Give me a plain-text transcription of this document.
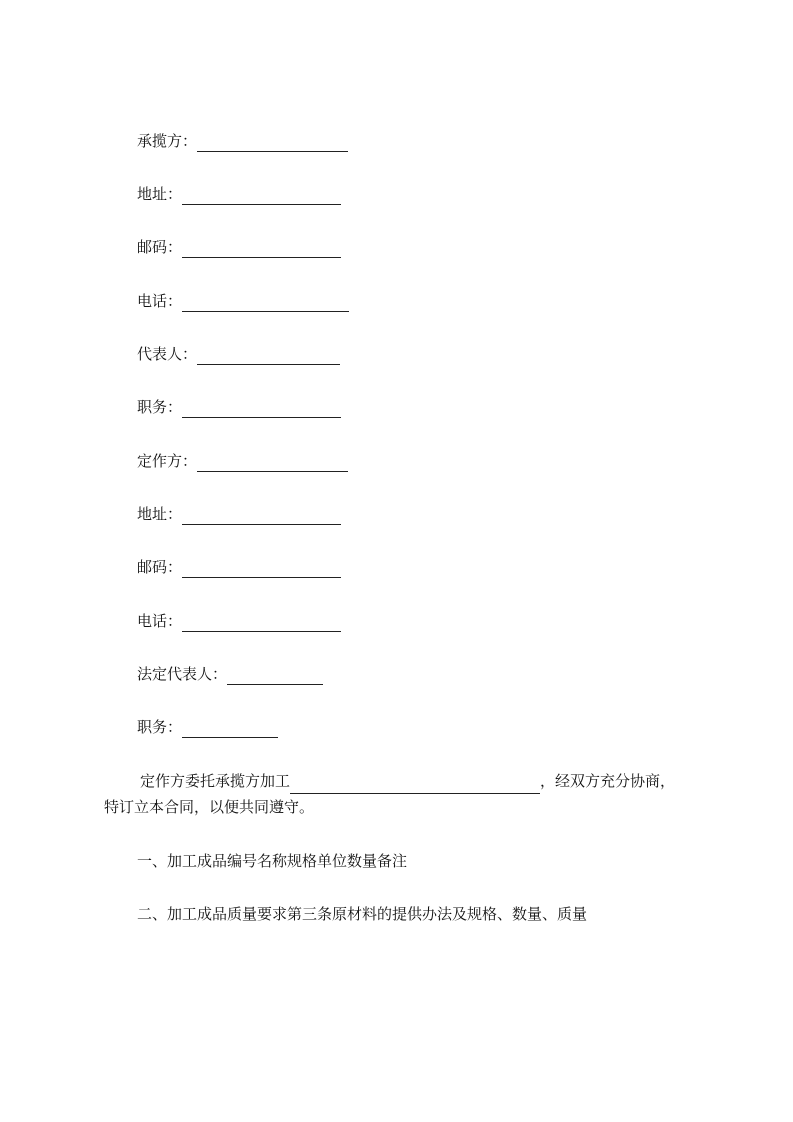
承揽方：
地址：
邮码：
电话：
代表人：
职务：
定作方：
地址：
邮码：
电话：
法定代表人：
职务：
定作方委托承揽方加工	，经双方充分协商，
特订立本合同，以便共同遵守。
一、加工成品编号名称规格单位数量备注
二、加工成品质量要求第三条原材料的提供办法及规格、数量、质量
